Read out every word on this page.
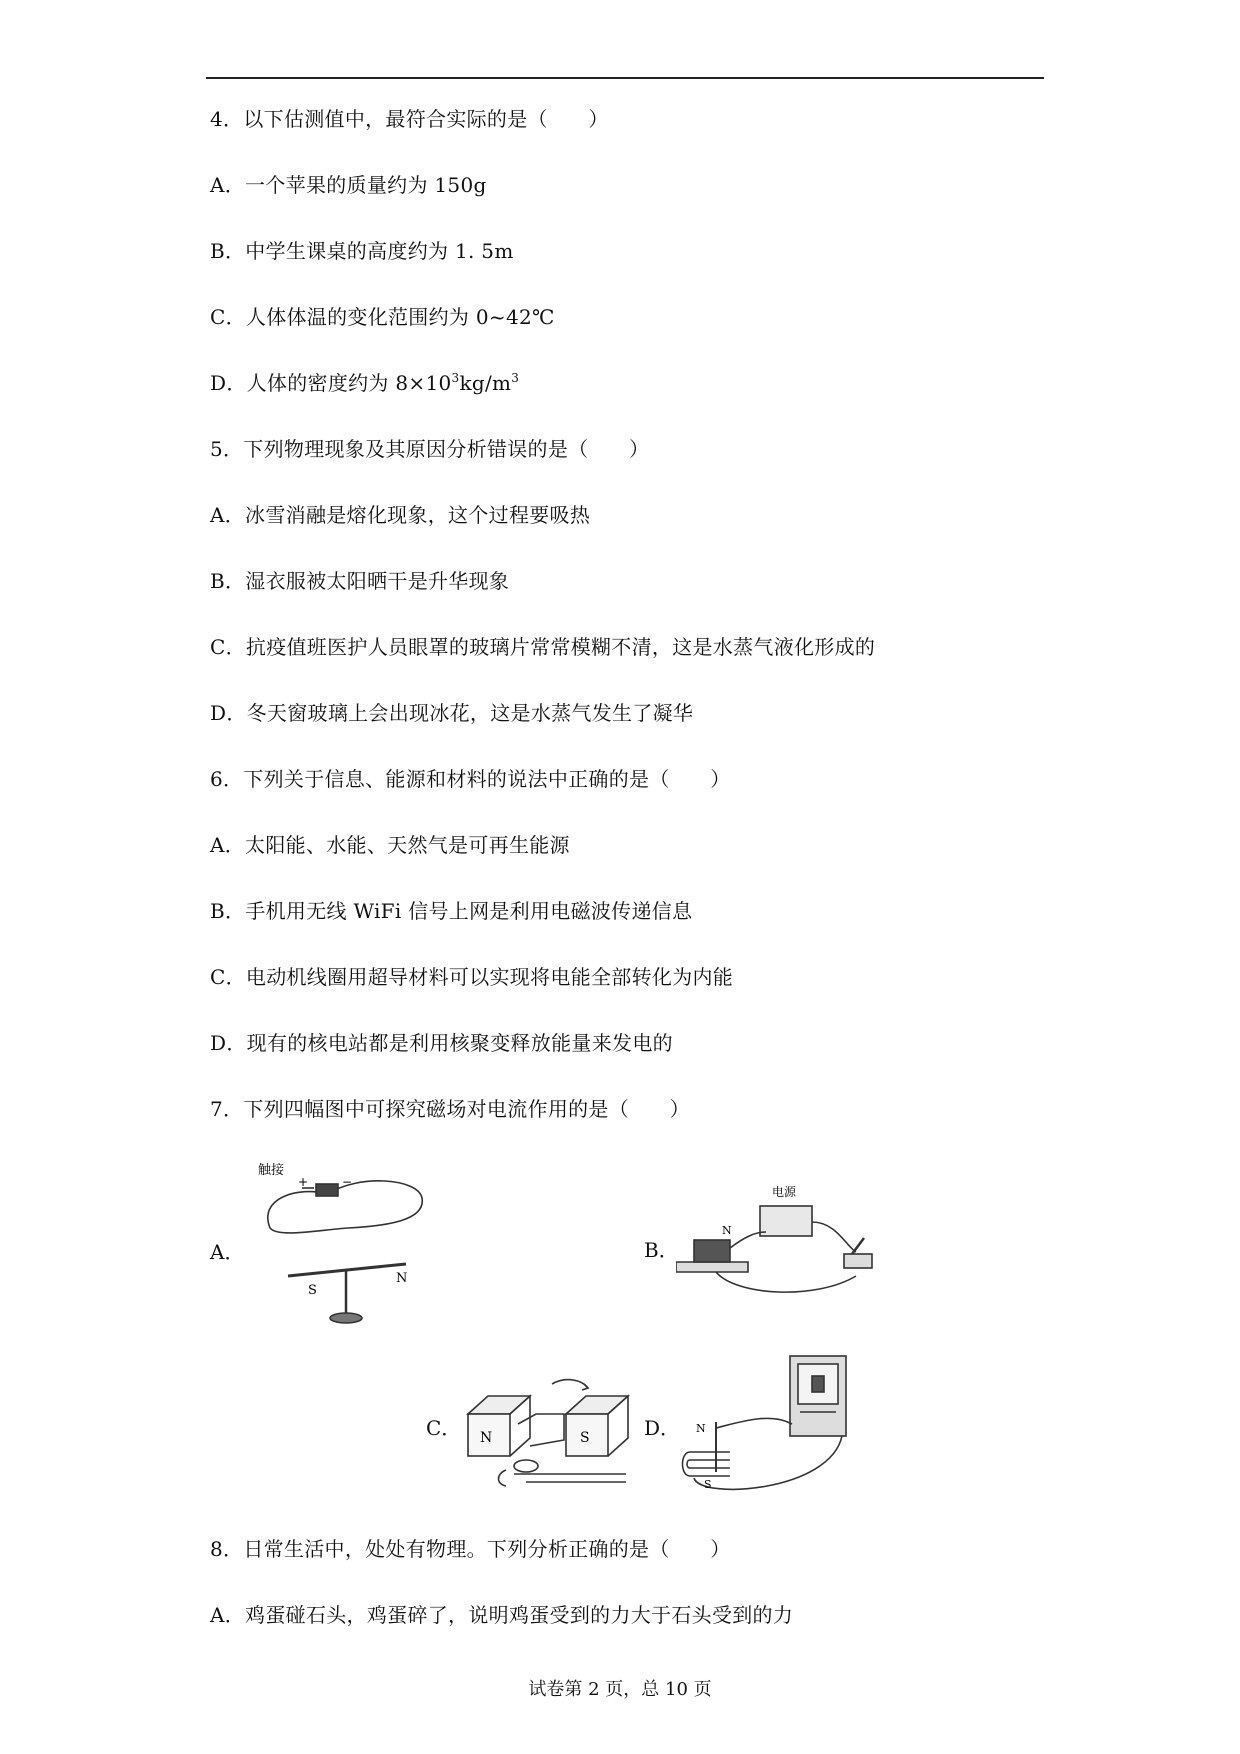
4．以下估测值中，最符合实际的是（　　）
A．一个苹果的质量约为 150g
B．中学生课桌的高度约为 1. 5m
C．人体体温的变化范围约为 0~42℃
D．人体的密度约为 $8\times 10^3kg/m^3$
5．下列物理现象及其原因分析错误的是（　　）
A．冰雪消融是熔化现象，这个过程要吸热
B．湿衣服被太阳晒干是升华现象
C．抗疫值班医护人员眼罩的玻璃片常常模糊不清，这是水蒸气液化形成的
D．冬天窗玻璃上会出现冰花，这是水蒸气发生了凝华
6．下列关于信息、能源和材料的说法中正确的是（　　）
A．太阳能、水能、天然气是可再生能源
B．手机用无线 WiFi 信号上网是利用电磁波传递信息
C．电动机线圈用超导材料可以实现将电能全部转化为内能
D．现有的核电站都是利用核聚变释放能量来发电的
7．下列四幅图中可探究磁场对电流作用的是（　　）
A．	B．
C．	D．
触接
+	−
S
N
电源
N
N	S
N
S
8．日常生活中，处处有物理。下列分析正确的是（　　）
A．鸡蛋碰石头，鸡蛋碎了，说明鸡蛋受到的力大于石头受到的力
试卷第 2 页，总 10 页
